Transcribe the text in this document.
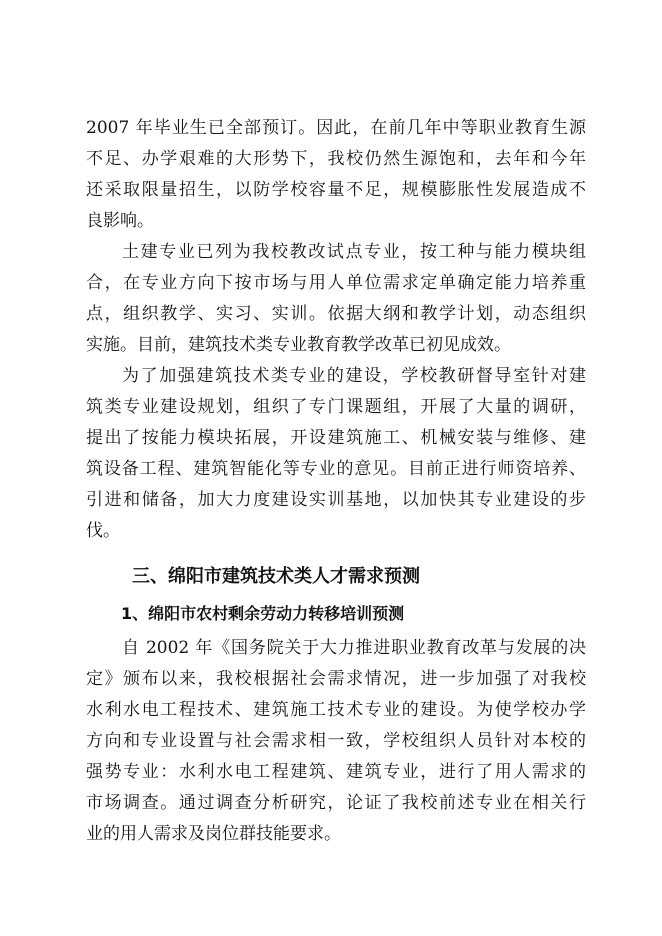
2007 年毕业生已全部预订。因此，在前几年中等职业教育生源
不足、办学艰难的大形势下，我校仍然生源饱和，去年和今年
还采取限量招生，以防学校容量不足，规模膨胀性发展造成不
良影响。
土建专业已列为我校教改试点专业，按工种与能力模块组
合，在专业方向下按市场与用人单位需求定单确定能力培养重
点，组织教学、实习、实训。依据大纲和教学计划，动态组织
实施。目前，建筑技术类专业教育教学改革已初见成效。
为了加强建筑技术类专业的建设，学校教研督导室针对建
筑类专业建设规划，组织了专门课题组，开展了大量的调研，
提出了按能力模块拓展，开设建筑施工、机械安装与维修、建
筑设备工程、建筑智能化等专业的意见。目前正进行师资培养、
引进和储备，加大力度建设实训基地，以加快其专业建设的步
伐。
三、绵阳市建筑技术类人才需求预测
1、绵阳市农村剩余劳动力转移培训预测
自 2002 年《国务院关于大力推进职业教育改革与发展的决
定》颁布以来，我校根据社会需求情况，进一步加强了对我校
水利水电工程技术、建筑施工技术专业的建设。为使学校办学
方向和专业设置与社会需求相一致，学校组织人员针对本校的
强势专业：水利水电工程建筑、建筑专业，进行了用人需求的
市场调查。通过调查分析研究，论证了我校前述专业在相关行
业的用人需求及岗位群技能要求。
